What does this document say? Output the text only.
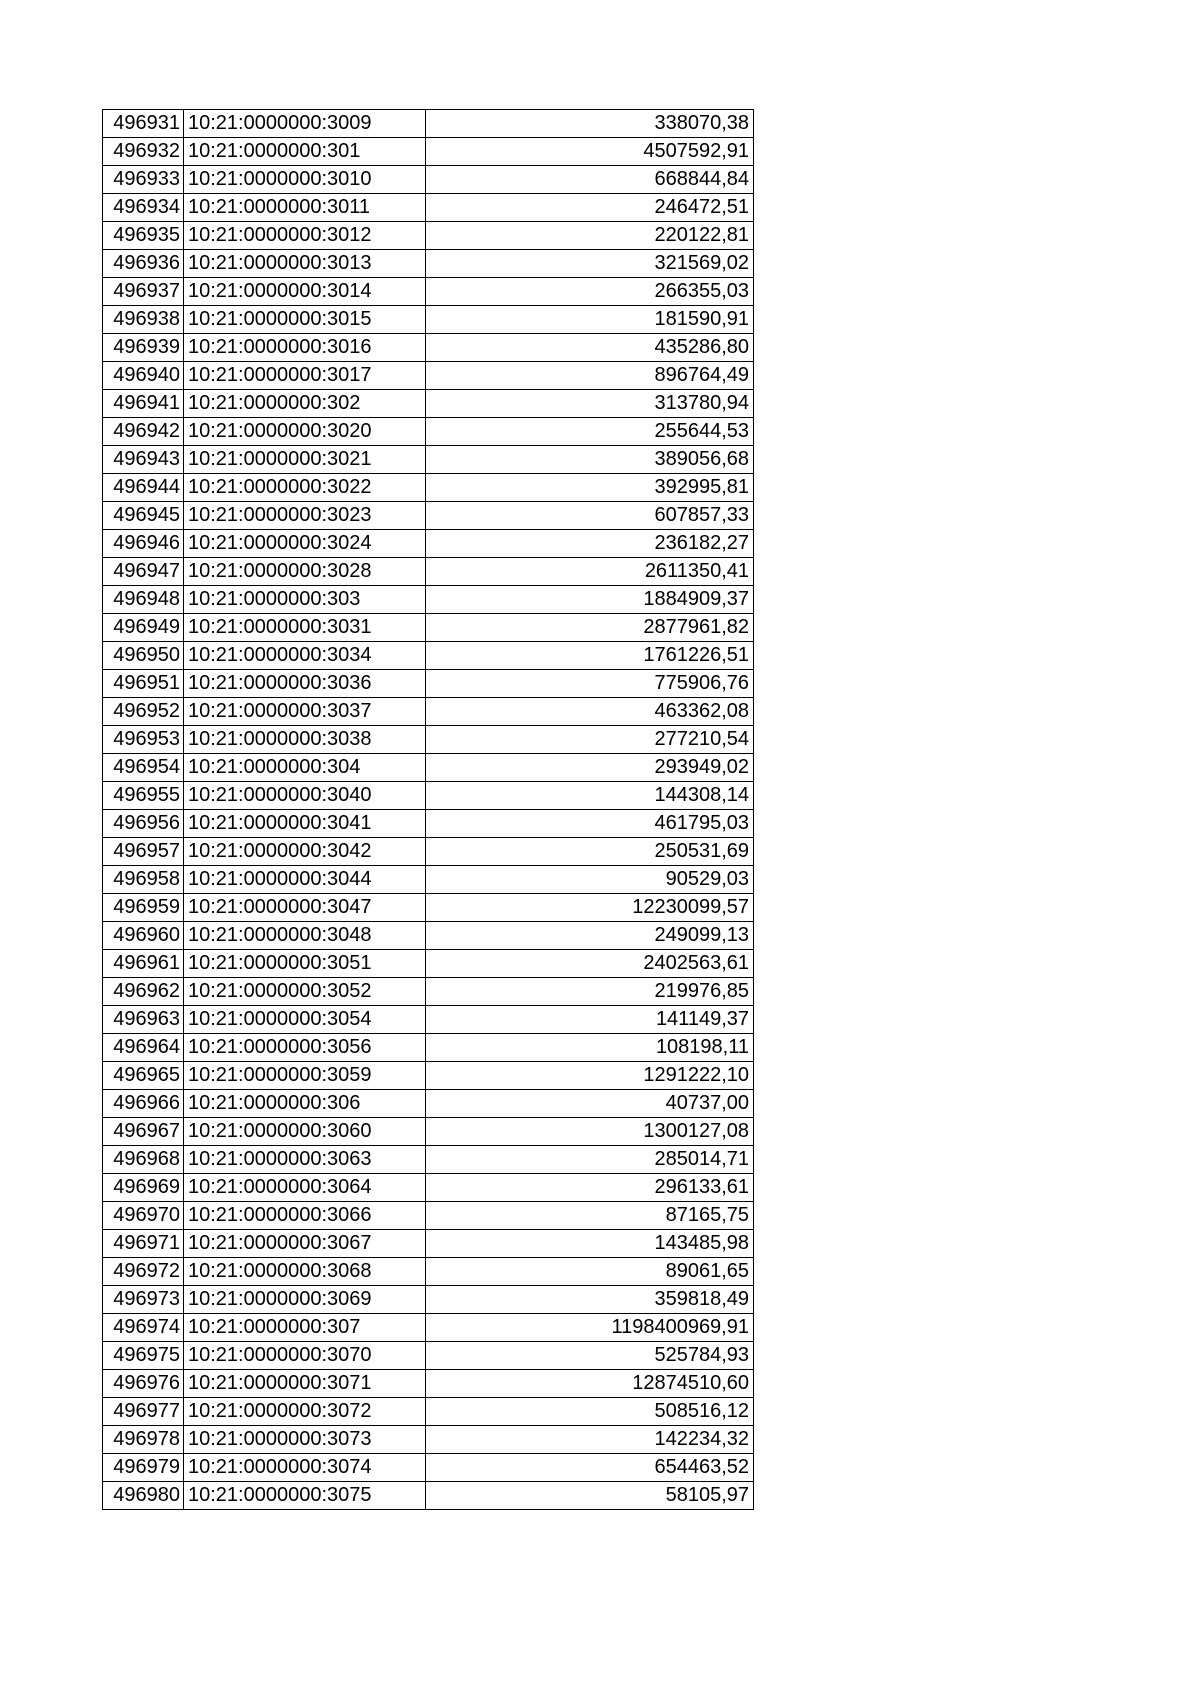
496931	10:21:0000000:3009	338070,38
496932	10:21:0000000:301	4507592,91
496933	10:21:0000000:3010	668844,84
496934	10:21:0000000:3011	246472,51
496935	10:21:0000000:3012	220122,81
496936	10:21:0000000:3013	321569,02
496937	10:21:0000000:3014	266355,03
496938	10:21:0000000:3015	181590,91
496939	10:21:0000000:3016	435286,80
496940	10:21:0000000:3017	896764,49
496941	10:21:0000000:302	313780,94
496942	10:21:0000000:3020	255644,53
496943	10:21:0000000:3021	389056,68
496944	10:21:0000000:3022	392995,81
496945	10:21:0000000:3023	607857,33
496946	10:21:0000000:3024	236182,27
496947	10:21:0000000:3028	2611350,41
496948	10:21:0000000:303	1884909,37
496949	10:21:0000000:3031	2877961,82
496950	10:21:0000000:3034	1761226,51
496951	10:21:0000000:3036	775906,76
496952	10:21:0000000:3037	463362,08
496953	10:21:0000000:3038	277210,54
496954	10:21:0000000:304	293949,02
496955	10:21:0000000:3040	144308,14
496956	10:21:0000000:3041	461795,03
496957	10:21:0000000:3042	250531,69
496958	10:21:0000000:3044	90529,03
496959	10:21:0000000:3047	12230099,57
496960	10:21:0000000:3048	249099,13
496961	10:21:0000000:3051	2402563,61
496962	10:21:0000000:3052	219976,85
496963	10:21:0000000:3054	141149,37
496964	10:21:0000000:3056	108198,11
496965	10:21:0000000:3059	1291222,10
496966	10:21:0000000:306	40737,00
496967	10:21:0000000:3060	1300127,08
496968	10:21:0000000:3063	285014,71
496969	10:21:0000000:3064	296133,61
496970	10:21:0000000:3066	87165,75
496971	10:21:0000000:3067	143485,98
496972	10:21:0000000:3068	89061,65
496973	10:21:0000000:3069	359818,49
496974	10:21:0000000:307	1198400969,91
496975	10:21:0000000:3070	525784,93
496976	10:21:0000000:3071	12874510,60
496977	10:21:0000000:3072	508516,12
496978	10:21:0000000:3073	142234,32
496979	10:21:0000000:3074	654463,52
496980	10:21:0000000:3075	58105,97
